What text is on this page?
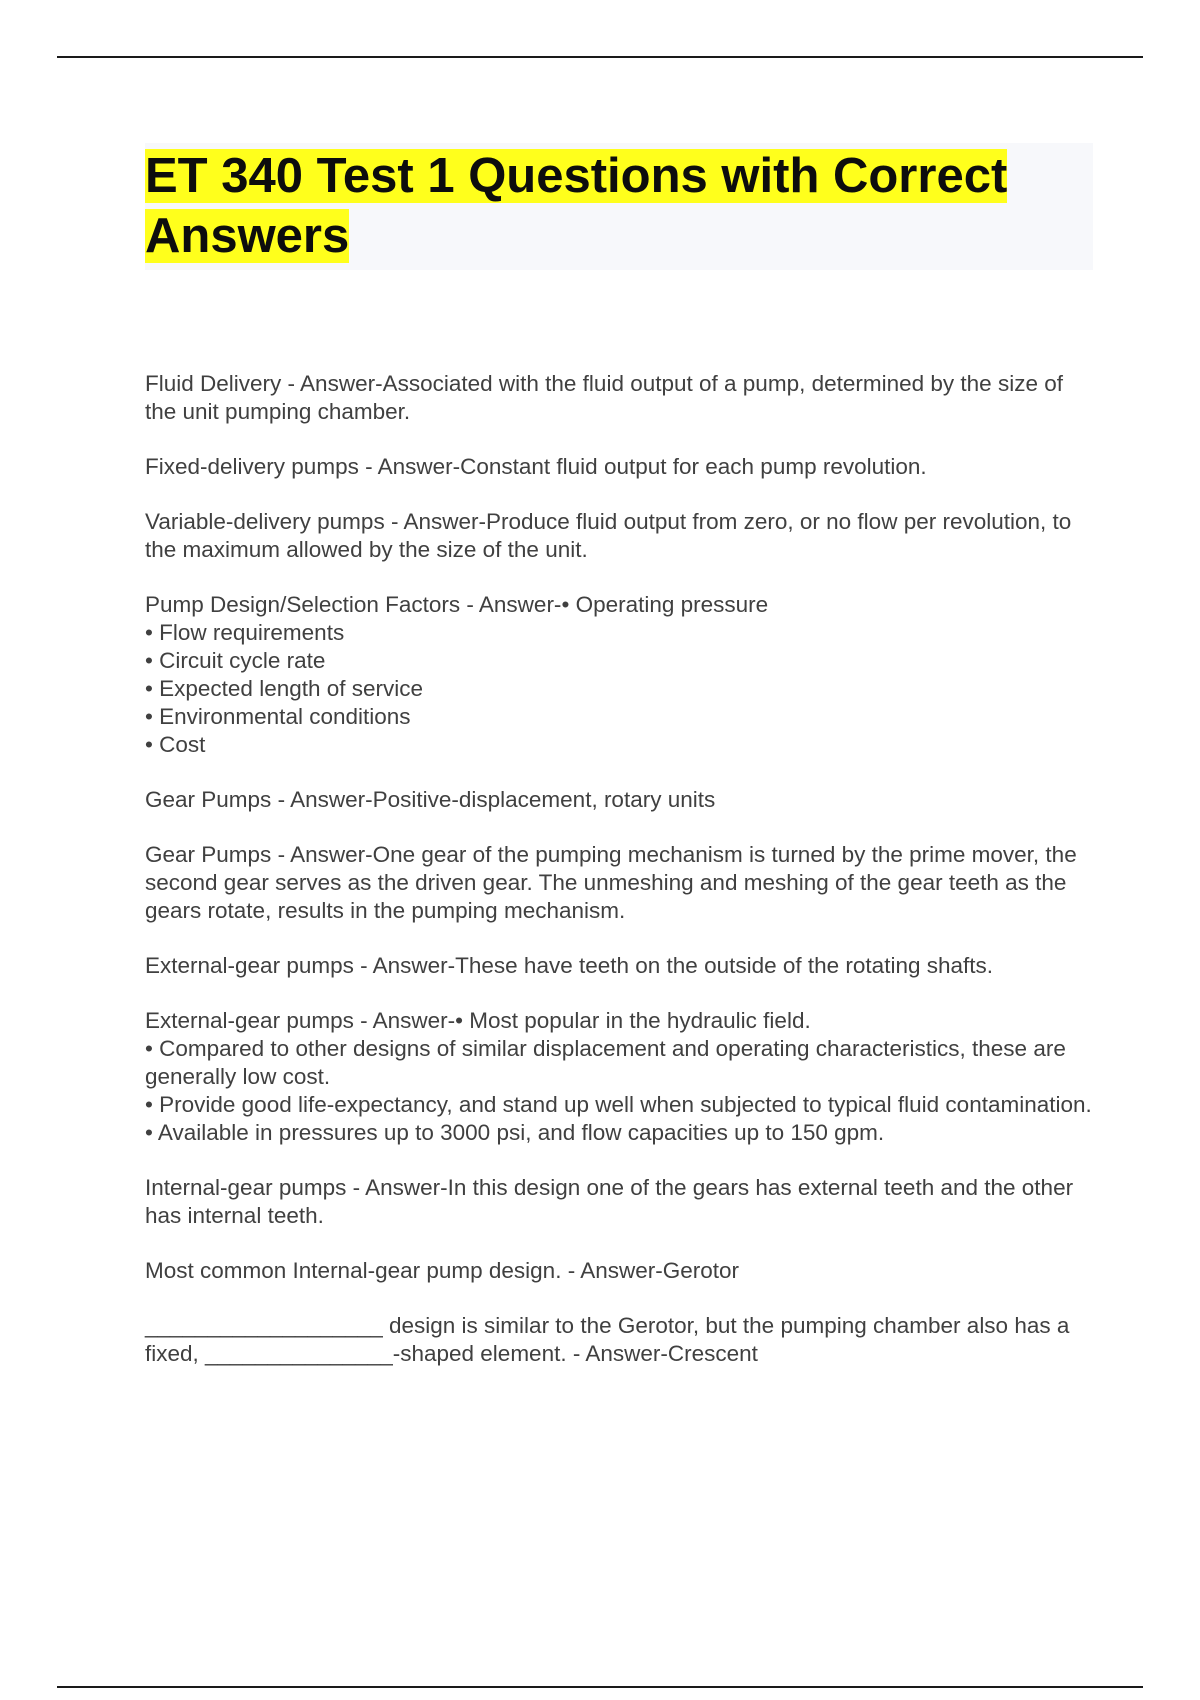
ET 340 Test 1 Questions with Correct Answers

Fluid Delivery - Answer-Associated with the fluid output of a pump, determined by the size of the unit pumping chamber.

Fixed-delivery pumps - Answer-Constant fluid output for each pump revolution.

Variable-delivery pumps - Answer-Produce fluid output from zero, or no flow per revolution, to the maximum allowed by the size of the unit.

Pump Design/Selection Factors - Answer-• Operating pressure
• Flow requirements
• Circuit cycle rate
• Expected length of service
• Environmental conditions
• Cost

Gear Pumps - Answer-Positive-displacement, rotary units

Gear Pumps - Answer-One gear of the pumping mechanism is turned by the prime mover, the second gear serves as the driven gear. The unmeshing and meshing of the gear teeth as the gears rotate, results in the pumping mechanism.

External-gear pumps - Answer-These have teeth on the outside of the rotating shafts.

External-gear pumps - Answer-• Most popular in the hydraulic field.
• Compared to other designs of similar displacement and operating characteristics, these are generally low cost.
• Provide good life-expectancy, and stand up well when subjected to typical fluid contamination.
• Available in pressures up to 3000 psi, and flow capacities up to 150 gpm.

Internal-gear pumps - Answer-In this design one of the gears has external teeth and the other has internal teeth.

Most common Internal-gear pump design. - Answer-Gerotor

___________________ design is similar to the Gerotor, but the pumping chamber also has a fixed, _______________-shaped element. - Answer-Crescent
